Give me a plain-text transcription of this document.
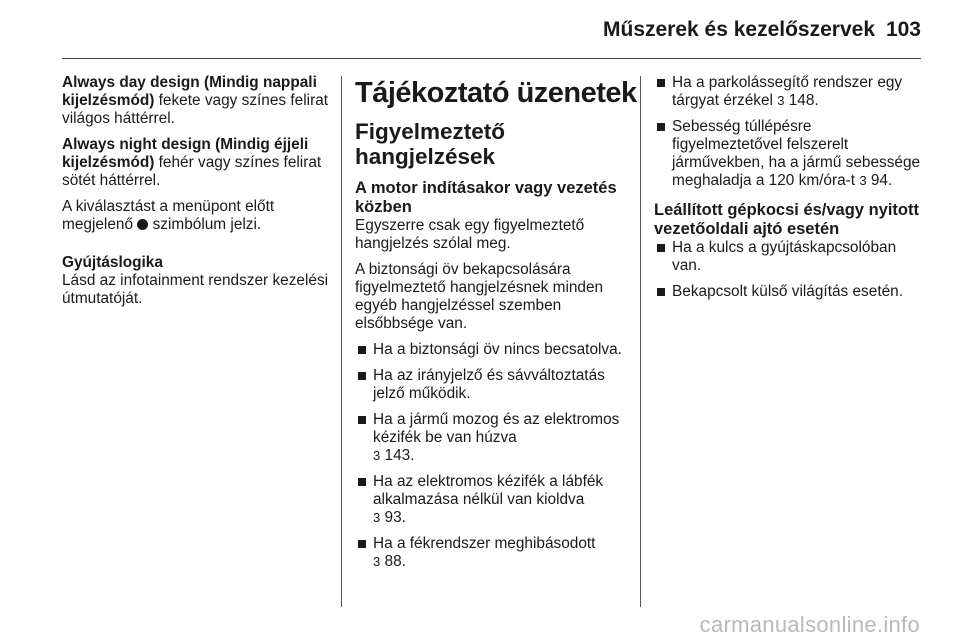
Műszerek és kezelőszervek 103

Always day design (Mindig nappali kijelzésmód) fekete vagy színes felirat világos háttérrel.

Always night design (Mindig éjjeli kijelzésmód) fehér vagy színes felirat sötét háttérrel.

A kiválasztást a menüpont előtt megjelenő  szimbólum jelzi.

Gyújtáslogika

Lásd az infotainment rendszer kezelési útmutatóját.

Tájékoztató üzenetek
Figyelmeztető hangjelzések
A motor indításakor vagy vezetés közben

Egyszerre csak egy figyelmeztető hangjelzés szólal meg.

A biztonsági öv bekapcsolására figyelmeztető hangjelzésnek minden egyéb hangjelzéssel szemben elsőbbsége van.

Ha a biztonsági öv nincs becsatolva.
Ha az irányjelző és sávváltoztatás jelző működik.
Ha a jármű mozog és az elektromos kézifék be van húzva
3 143.
Ha az elektromos kézifék a lábfék alkalmazása nélkül van kioldva
3 93.
Ha a fékrendszer meghibásodott
3 88.
Ha a parkolássegítő rendszer egy tárgyat érzékel 3 148.
Sebesség túllépésre figyelmeztetővel felszerelt járművekben, ha a jármű sebessége meghaladja a 120 km/óra-t 3 94.
Leállított gépkocsi és/vagy nyitott vezetőoldali ajtó esetén
Ha a kulcs a gyújtáskapcsolóban van.
Bekapcsolt külső világítás esetén.
carmanualsonline.info
